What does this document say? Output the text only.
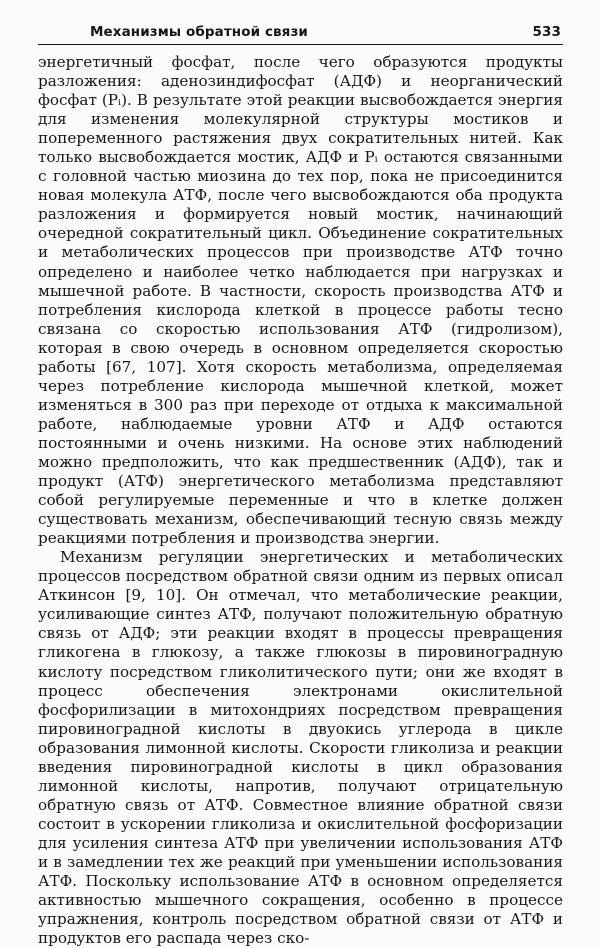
Механизмы обратной связи	533

энергетичный фосфат, после чего образуются продукты разложения: аденозиндифосфат (АДФ) и неорганический фосфат (Pᵢ). В результате этой реакции высвобождается энергия для изменения молекулярной структуры мостиков и попеременного растяжения двух сократительных нитей. Как только высвобождается мостик, АДФ и Pᵢ остаются связанными с головной частью миозина до тех пор, пока не присоединится новая молекула АТФ, после чего высвобождаются оба продукта разложения и формируется новый мостик, начинающий очередной сократительный цикл. Объединение сократительных и метаболических процессов при производстве АТФ точно определено и наиболее четко наблюдается при нагрузках и мышечной работе. В частности, скорость производства АТФ и потребления кислорода клеткой в процессе работы тесно связана со скоростью использования АТФ (гидролизом), которая в свою очередь в основном определяется скоростью работы [67, 107]. Хотя скорость метаболизма, определяемая через потребление кислорода мышечной клеткой, может изменяться в 300 раз при переходе от отдыха к максимальной работе, наблюдаемые уровни АТФ и АДФ остаются постоянными и очень низкими. На основе этих наблюдений можно предположить, что как предшественник (АДФ), так и продукт (АТФ) энергетического метаболизма представляют собой регулируемые переменные и что в клетке должен существовать механизм, обеспечивающий тесную связь между реакциями потребления и производства энергии.

Механизм регуляции энергетических и метаболических процессов посредством обратной связи одним из первых описал Аткинсон [9, 10]. Он отмечал, что метаболические реакции, усиливающие синтез АТФ, получают положительную обратную связь от АДФ; эти реакции входят в процессы превращения гликогена в глюкозу, а также глюкозы в пировиноградную кислоту посредством гликолитического пути; они же входят в процесс обеспечения электронами окислительной фосфорилизации в митохондриях посредством превращения пировиноградной кислоты в двуокись углерода в цикле образования лимонной кислоты. Скорости гликолиза и реакции введения пировиноградной кислоты в цикл образования лимонной кислоты, напротив, получают отрицательную обратную связь от АТФ. Совместное влияние обратной связи состоит в ускорении гликолиза и окислительной фосфоризации для усиления синтеза АТФ при увеличении использования АТФ и в замедлении тех же реакций при уменьшении использования АТФ. Поскольку использование АТФ в основном определяется активностью мышечного сокращения, особенно в процессе упражнения, контроль посредством обратной связи от АТФ и продуктов его распада через ско-
